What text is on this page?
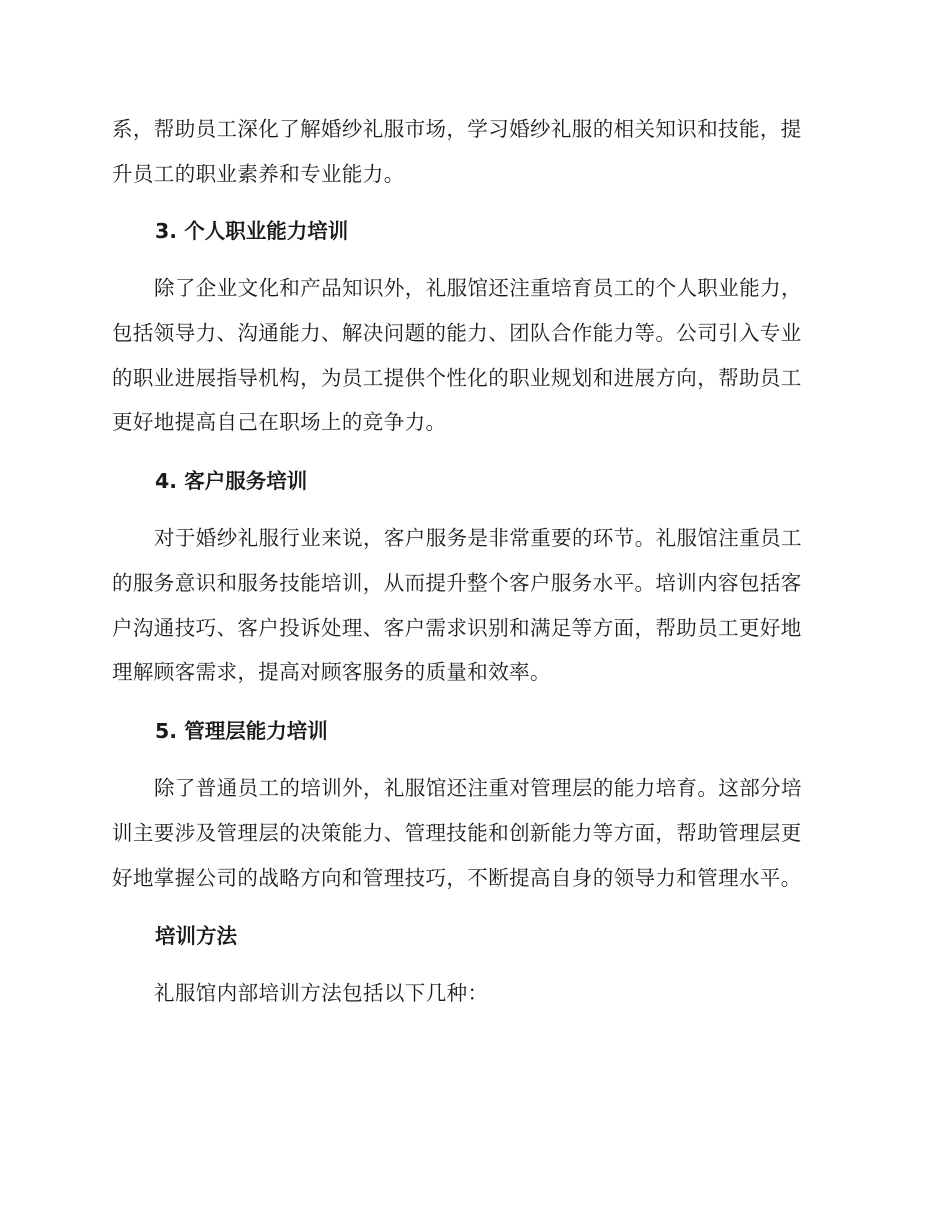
系，帮助员工深化了解婚纱礼服市场，学习婚纱礼服的相关知识和技能，提
升员工的职业素养和专业能力。
3. 个人职业能力培训
除了企业文化和产品知识外，礼服馆还注重培育员工的个人职业能力，
包括领导力、沟通能力、解决问题的能力、团队合作能力等。公司引入专业
的职业进展指导机构，为员工提供个性化的职业规划和进展方向，帮助员工
更好地提高自己在职场上的竞争力。
4. 客户服务培训
对于婚纱礼服行业来说，客户服务是非常重要的环节。礼服馆注重员工
的服务意识和服务技能培训，从而提升整个客户服务水平。培训内容包括客
户沟通技巧、客户投诉处理、客户需求识别和满足等方面，帮助员工更好地
理解顾客需求，提高对顾客服务的质量和效率。
5. 管理层能力培训
除了普通员工的培训外，礼服馆还注重对管理层的能力培育。这部分培
训主要涉及管理层的决策能力、管理技能和创新能力等方面，帮助管理层更
好地掌握公司的战略方向和管理技巧，不断提高自身的领导力和管理水平。
培训方法
礼服馆内部培训方法包括以下几种：
